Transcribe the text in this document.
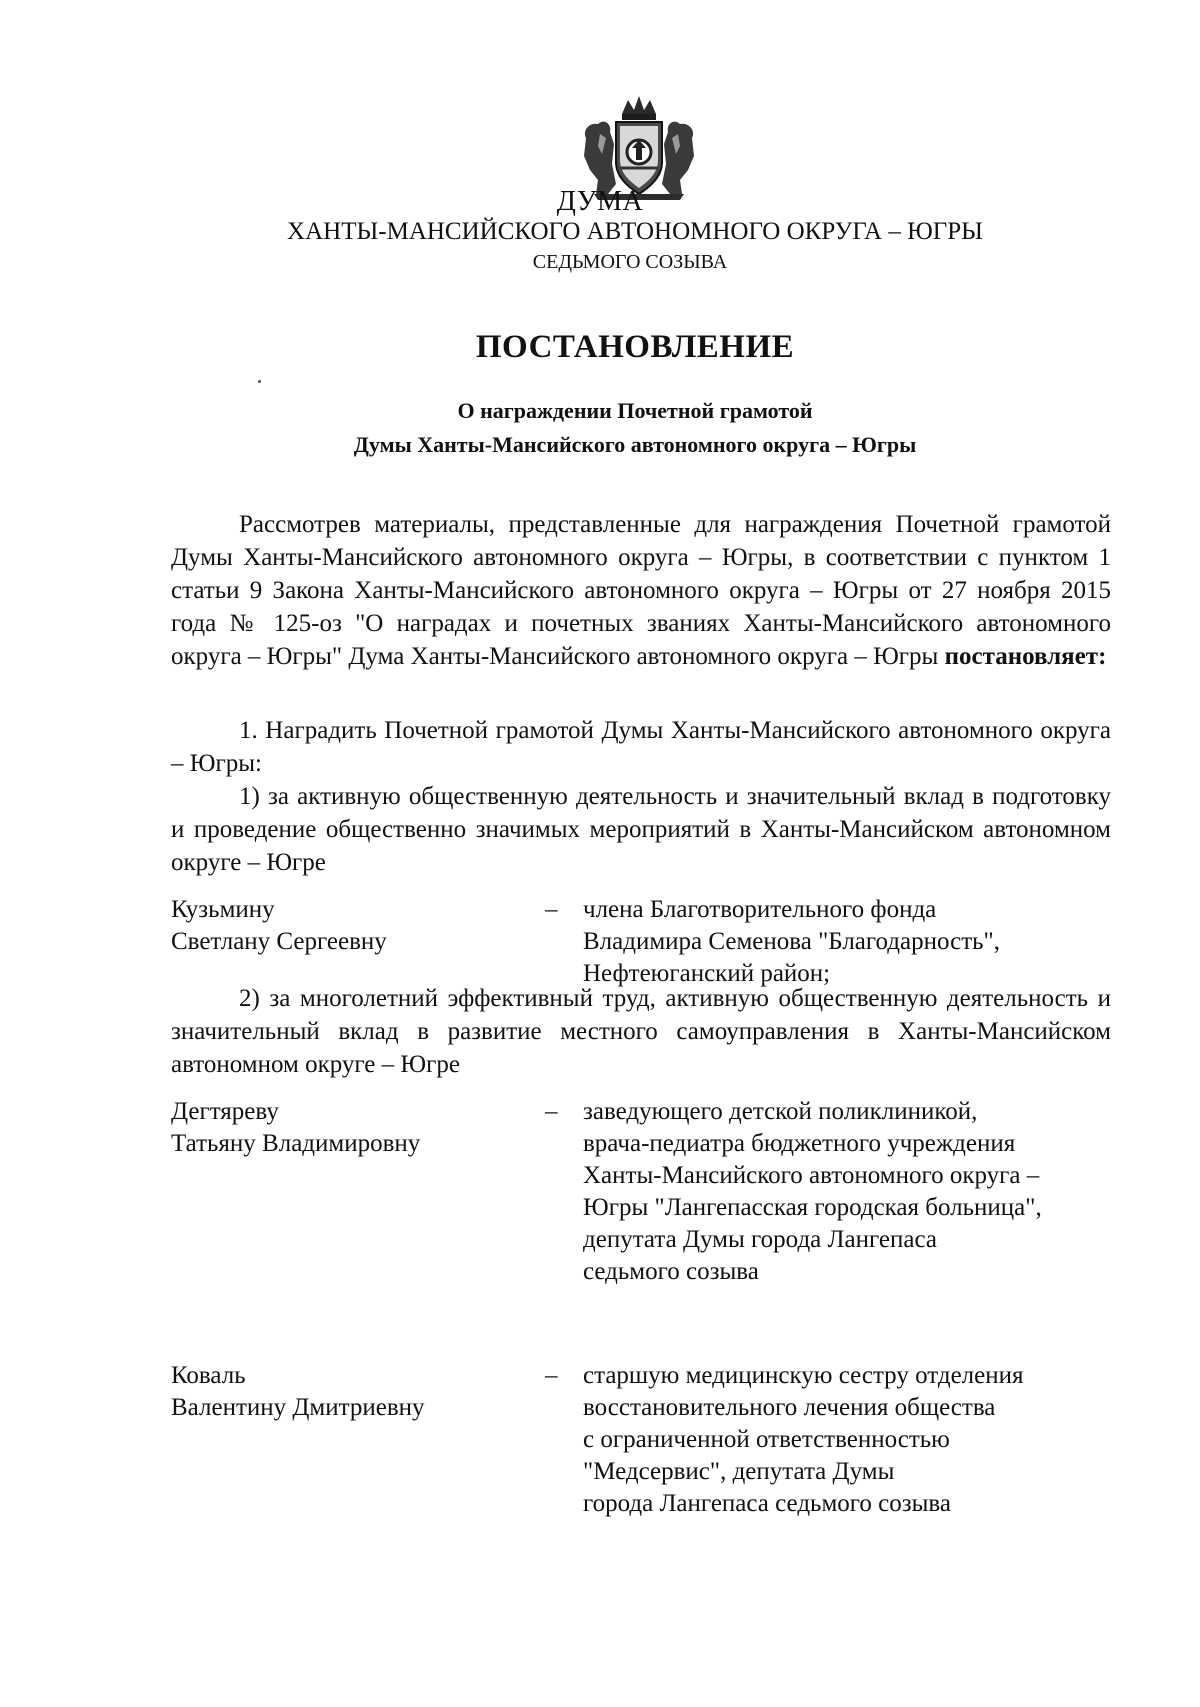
ДУМА
ХАНТЫ-МАНСИЙСКОГО АВТОНОМНОГО ОКРУГА – ЮГРЫ
СЕДЬМОГО СОЗЫВА
ПОСТАНОВЛЕНИЕ
О награждении Почетной грамотой
Думы Ханты-Мансийского автономного округа – Югры
Рассмотрев материалы, представленные для награждения Почетной грамотой Думы Ханты-Мансийского автономного округа – Югры, в соответствии с пунктом 1 статьи 9 Закона Ханты-Мансийского автономного округа – Югры от 27 ноября 2015 года № 125-оз "О наградах и почетных званиях Ханты-Мансийского автономного округа – Югры" Дума Ханты-Мансийского автономного округа – Югры постановляет:
1. Наградить Почетной грамотой Думы Ханты-Мансийского автономного округа – Югры:
1) за активную общественную деятельность и значительный вклад в подготовку и проведение общественно значимых мероприятий в Ханты-Мансийском автономном округе – Югре
Кузьмину
Светлану Сергеевну
– члена Благотворительного фонда
Владимира Семенова "Благодарность",
Нефтеюганский район;
2) за многолетний эффективный труд, активную общественную деятельность и значительный вклад в развитие местного самоуправления в Ханты-Мансийском автономном округе – Югре
Дегтяреву
Татьяну Владимировну
– заведующего детской поликлиникой,
врача-педиатра бюджетного учреждения
Ханты-Мансийского автономного округа –
Югры "Лангепасская городская больница",
депутата Думы города Лангепаса
седьмого созыва
Коваль
Валентину Дмитриевну
– старшую медицинскую сестру отделения
восстановительного лечения общества
с ограниченной ответственностью
"Медсервис", депутата Думы
города Лангепаса седьмого созыва
